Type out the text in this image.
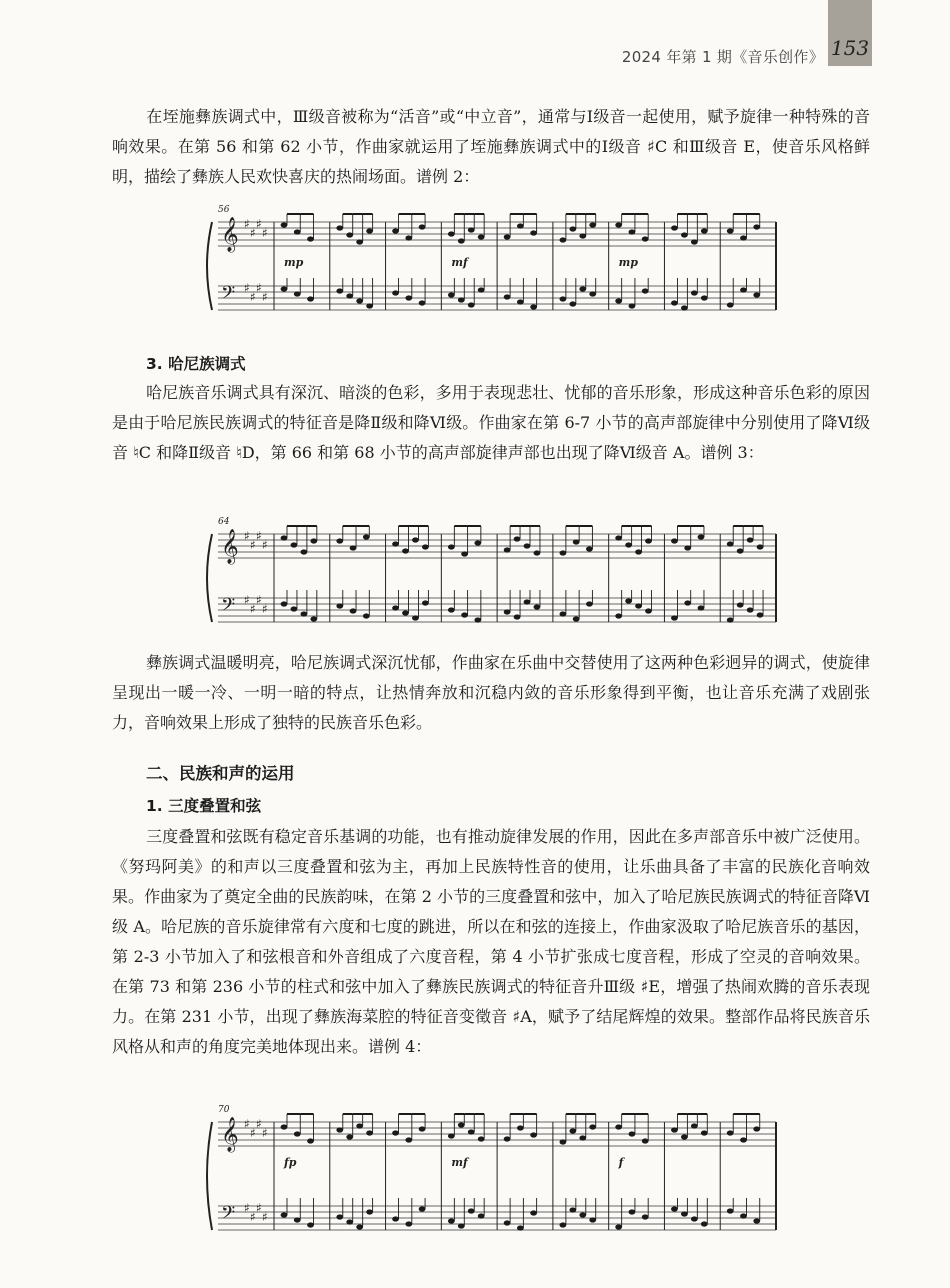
2024 年第 1 期《音乐创作》 153

在垤施彝族调式中，Ⅲ级音被称为“活音”或“中立音”，通常与Ⅰ级音一起使用，赋予旋律一种特殊的音响效果。在第 56 和第 62 小节，作曲家就运用了垤施彝族调式中的Ⅰ级音 ♯C 和Ⅲ级音 E，使音乐风格鲜明，描绘了彝族人民欢快喜庆的热闹场面。谱例 2：

𝄞 ♯
♯
♯
♯
𝄢 ♯
♯
♯
♯
56
mp	mf	mp
3. 哈尼族调式

哈尼族音乐调式具有深沉、暗淡的色彩，多用于表现悲壮、忧郁的音乐形象，形成这种音乐色彩的原因是由于哈尼族民族调式的特征音是降Ⅱ级和降Ⅵ级。作曲家在第 6-7 小节的高声部旋律中分别使用了降Ⅵ级音 ♮C 和降Ⅱ级音 ♮D，第 66 和第 68 小节的高声部旋律声部也出现了降Ⅵ级音 A。谱例 3：

𝄞 ♯
♯
♯
♯
𝄢 ♯
♯
♯
♯
64

彝族调式温暖明亮，哈尼族调式深沉忧郁，作曲家在乐曲中交替使用了这两种色彩迥异的调式，使旋律呈现出一暖一冷、一明一暗的特点，让热情奔放和沉稳内敛的音乐形象得到平衡，也让音乐充满了戏剧张力，音响效果上形成了独特的民族音乐色彩。

二、民族和声的运用
1. 三度叠置和弦

三度叠置和弦既有稳定音乐基调的功能，也有推动旋律发展的作用，因此在多声部音乐中被广泛使用。《努玛阿美》的和声以三度叠置和弦为主，再加上民族特性音的使用，让乐曲具备了丰富的民族化音响效果。作曲家为了奠定全曲的民族韵味，在第 2 小节的三度叠置和弦中，加入了哈尼族民族调式的特征音降Ⅵ级 A。哈尼族的音乐旋律常有六度和七度的跳进，所以在和弦的连接上，作曲家汲取了哈尼族音乐的基因，第 2-3 小节加入了和弦根音和外音组成了六度音程，第 4 小节扩张成七度音程，形成了空灵的音响效果。在第 73 和第 236 小节的柱式和弦中加入了彝族民族调式的特征音升Ⅲ级 ♯E，增强了热闹欢腾的音乐表现力。在第 231 小节，出现了彝族海菜腔的特征音变徵音 ♯A，赋予了结尾辉煌的效果。整部作品将民族音乐风格从和声的角度完美地体现出来。谱例 4：

𝄞 ♯
♯
♯
♯
𝄢 ♯
♯
♯
♯
70
fp	mf	f
